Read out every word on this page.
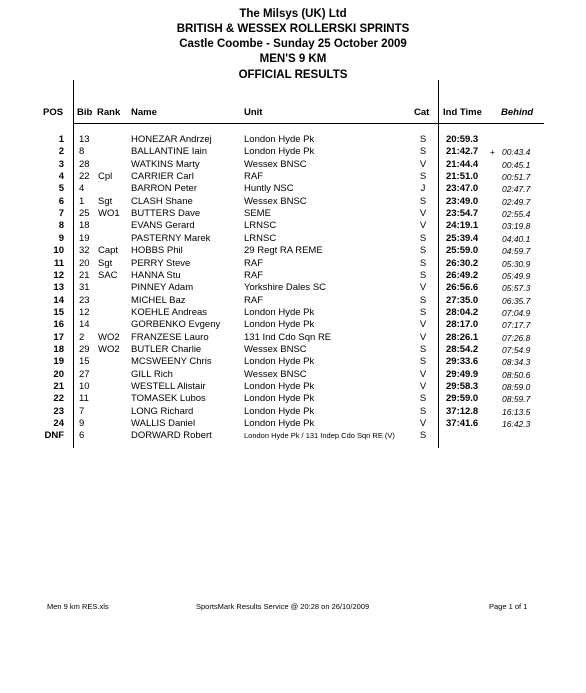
The Milsys (UK) Ltd
BRITISH & WESSEX ROLLERSKI SPRINTS
Castle Coombe - Sunday 25 October 2009
MEN'S 9 KM
OFFICIAL RESULTS
POS Bib Rank Name	Unit	Cat Ind Time Behind
1 13	HONEZAR Andrzej	London Hyde Pk	S 20:59.3
2 8	BALLANTINE Iain	London Hyde Pk	S 21:42.7 + 00:43.4
3 28	WATKINS Marty	Wessex BNSC	V 21:44.4	00:45.1
4 22 Cpl CARRIER Carl	RAF	S 21:51.0	00:51.7
5 4	BARRON Peter	Huntly NSC	J 23:47.0	02:47.7
6 1 Sgt CLASH Shane	Wessex BNSC	S 23:49.0	02:49.7
7 25 WO1 BUTTERS Dave	SEME	V 23:54.7	02:55.4
8 18	EVANS Gerard	LRNSC	V 24:19.1	03:19.8
9 19	PASTERNY Marek	LRNSC	S 25:39.4	04:40.1
10 32 Capt HOBBS Phil	29 Regt RA REME	S 25:59.0	04:59.7
11 20 Sgt PERRY Steve	RAF	S 26:30.2	05:30.9
12 21 SAC HANNA Stu	RAF	S 26:49.2	05:49.9
13 31	PINNEY Adam	Yorkshire Dales SC	V 26:56.6	05:57.3
14 23	MICHEL Baz	RAF	S 27:35.0	06:35.7
15 12	KOEHLE Andreas	London Hyde Pk	S 28:04.2	07:04.9
16 14	GORBENKO Evgeny	London Hyde Pk	V 28:17.0	07:17.7
17 2 WO2 FRANZESE Lauro	131 Ind Cdo Sqn RE	V 28:26.1	07:26.8
18 29 WO2 BUTLER Charlie	Wessex BNSC	S 28:54.2	07:54.9
19 15	MCSWEENY Chris	London Hyde Pk	S 29:33.6	08:34.3
20 27	GILL Rich	Wessex BNSC	V 29:49.9	08:50.6
21 10	WESTELL Alistair	London Hyde Pk	V 29:58.3	08:59.0
22 11	TOMASEK Lubos	London Hyde Pk	S 29:59.0	08:59.7
23 7	LONG Richard	London Hyde Pk	S 37:12.8	16:13.5
24 9	WALLIS Daniel	London Hyde Pk	V 37:41.6	16:42.3
DNF 6	DORWARD Robert	London Hyde Pk / 131 Indep Cdo Sqn RE (V)	S
Men 9 km RES.xls	SportsMark Results Service @ 20:28 on 26/10/2009	Page 1 of 1
